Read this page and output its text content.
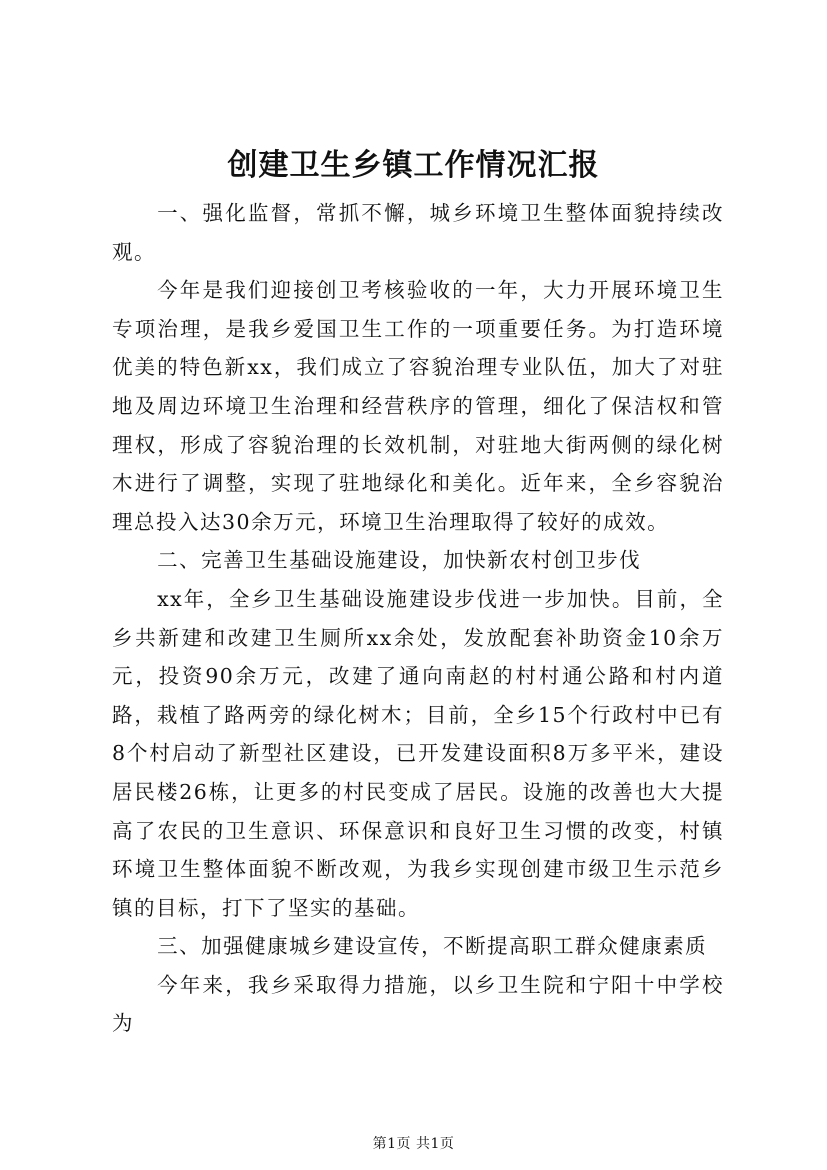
创建卫生乡镇工作情况汇报

一、强化监督，常抓不懈，城乡环境卫生整体面貌持续改观。

今年是我们迎接创卫考核验收的一年，大力开展环境卫生专项治理，是我乡爱国卫生工作的一项重要任务。为打造环境优美的特色新xx，我们成立了容貌治理专业队伍，加大了对驻地及周边环境卫生治理和经营秩序的管理，细化了保洁权和管理权，形成了容貌治理的长效机制，对驻地大街两侧的绿化树木进行了调整，实现了驻地绿化和美化。近年来，全乡容貌治理总投入达30余万元，环境卫生治理取得了较好的成效。

二、完善卫生基础设施建设，加快新农村创卫步伐

xx年，全乡卫生基础设施建设步伐进一步加快。目前，全乡共新建和改建卫生厕所xx余处，发放配套补助资金10余万元，投资90余万元，改建了通向南赵的村村通公路和村内道路，栽植了路两旁的绿化树木；目前，全乡15个行政村中已有8个村启动了新型社区建设，已开发建设面积8万多平米，建设居民楼26栋，让更多的村民变成了居民。设施的改善也大大提高了农民的卫生意识、环保意识和良好卫生习惯的改变，村镇环境卫生整体面貌不断改观，为我乡实现创建市级卫生示范乡镇的目标，打下了坚实的基础。

三、加强健康城乡建设宣传，不断提高职工群众健康素质

今年来，我乡采取得力措施，以乡卫生院和宁阳十中学校为

第1页 共1页
